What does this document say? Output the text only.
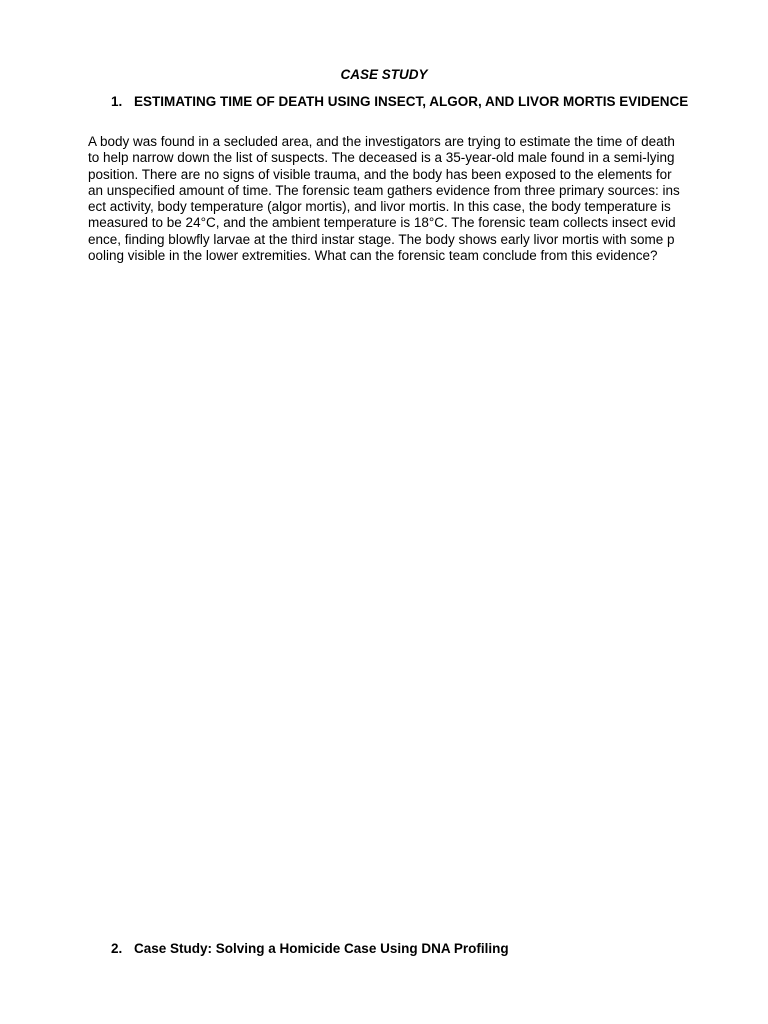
CASE STUDY
1. ESTIMATING TIME OF DEATH USING INSECT, ALGOR, AND LIVOR MORTIS EVIDENCE
A body was found in a secluded area, and the investigators are trying to estimate the time of death to help narrow down the list of suspects. The deceased is a 35-year-old male found in a semi-lying position. There are no signs of visible trauma, and the body has been exposed to the elements for an unspecified amount of time. The forensic team gathers evidence from three primary sources: insect activity, body temperature (algor mortis), and livor mortis. In this case, the body temperature is measured to be 24°C, and the ambient temperature is 18°C. The forensic team collects insect evidence, finding blowfly larvae at the third instar stage. The body shows early livor mortis with some pooling visible in the lower extremities. What can the forensic team conclude from this evidence?
2. Case Study: Solving a Homicide Case Using DNA Profiling
